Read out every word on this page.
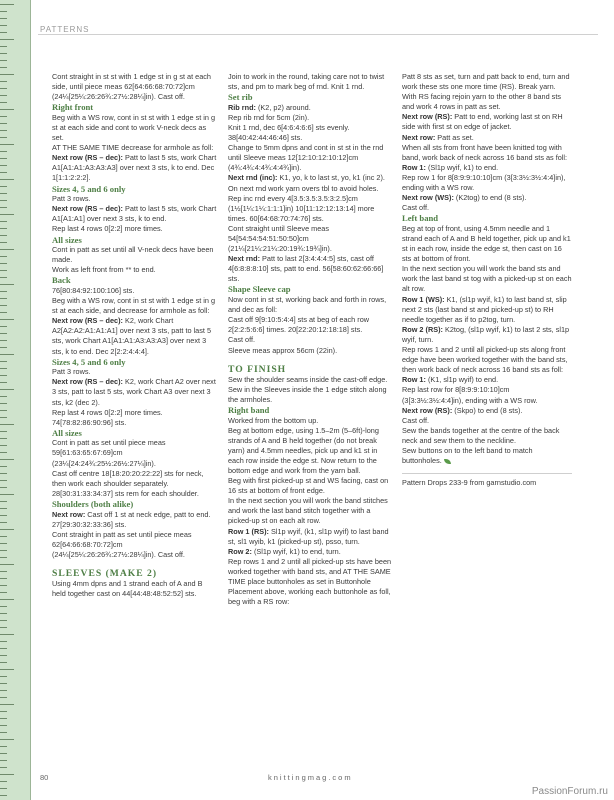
PATTERNS

Cont straight in st st with 1 edge st in g st at each side, until piece meas 62[64:66:68:70:72]cm (24¼[25¼:26:26¾:27½:28¼]in). Cast off.

Right front

Beg with a WS row, cont in st st with 1 edge st in g st at each side and cont to work V-neck decs as set.

AT THE SAME TIME decrease for armhole as foll:

Next row (RS – dec): Patt to last 5 sts, work Chart A1[A1:A1:A3:A3:A3] over next 3 sts, k to end. Dec 1[1:1:2:2:2].

Sizes 4, 5 and 6 only

Patt 3 rows.

Next row (RS – dec): Patt to last 5 sts, work Chart A1[A1:A1] over next 3 sts, k to end.

Rep last 4 rows 0[2:2] more times.

All sizes

Cont in patt as set until all V-neck decs have been made.

Work as left front from ** to end.

Back

76[80:84:92:100:106] sts.

Beg with a WS row, cont in st st with 1 edge st in g st at each side, and decrease for armhole as foll:

Next row (RS – dec): K2, work Chart A2[A2:A2:A1:A1:A1] over next 3 sts, patt to last 5 sts, work Chart A1[A1:A1:A3:A3:A3] over next 3 sts, k to end. Dec 2[2:2:4:4:4].

Sizes 4, 5 and 6 only

Patt 3 rows.

Next row (RS – dec): K2, work Chart A2 over next 3 sts, patt to last 5 sts, work Chart A3 over next 3 sts, k2 (dec 2).

Rep last 4 rows 0[2:2] more times.

74[78:82:86:90:96] sts.

All sizes

Cont in patt as set until piece meas 59[61:63:65:67:69]cm (23¼[24:24¾:25½:26½:27¼]in).

Cast off centre 18[18:20:20:22:22] sts for neck, then work each shoulder separately. 28[30:31:33:34:37] sts rem for each shoulder.

Shoulders (both alike)

Next row: Cast off 1 st at neck edge, patt to end. 27[29:30:32:33:36] sts.

Cont straight in patt as set until piece meas 62[64:66:68:70:72]cm (24¼[25¼:26:26¾:27½:28¼]in). Cast off.

SLEEVES (MAKE 2)

Using 4mm dpns and 1 strand each of A and B held together cast on 44[44:48:48:52:52] sts.

Join to work in the round, taking care not to twist sts, and pm to mark beg of rnd. Knit 1 rnd.

Set rib

Rib rnd: (K2, p2) around.

Rep rib rnd for 5cm (2in).

Knit 1 rnd, dec 6[4:6:4:6:6] sts evenly. 38[40:42:44:46:46] sts.

Change to 5mm dpns and cont in st st in the rnd until Sleeve meas 12[12:10:12:10:12]cm (4¾:4¾:4:4¾:4:4¾]in).

Next rnd (inc): K1, yo, k to last st, yo, k1 (inc 2). On next rnd work yarn overs tbl to avoid holes.

Rep inc rnd every 4[3.5:3.5:3.5:3:2.5]cm (1½[1¼:1¼:1:1:1]in) 10[11:12:12:13:14] more times. 60[64:68:70:74:76] sts.

Cont straight until Sleeve meas 54[54:54:54:51:50:50]cm (21¼[21¼:21¼:20:19¾:19¾]in).

Next rnd: Patt to last 2[3:4:4:4:5] sts, cast off 4[6:8:8:8:10] sts, patt to end. 56[58:60:62:66:66] sts.

Shape Sleeve cap

Now cont in st st, working back and forth in rows, and dec as foll:

Cast off 9[9:10:5:4:4] sts at beg of each row 2[2:2:5:6:6] times. 20[22:20:12:18:18] sts.

Cast off.

Sleeve meas approx 56cm (22in).

TO FINISH

Sew the shoulder seams inside the cast-off edge.

Sew in the Sleeves inside the 1 edge stitch along the armholes.

Right band

Worked from the bottom up.

Beg at bottom edge, using 1.5–2m (5–6ft)-long strands of A and B held together (do not break yarn) and 4.5mm needles, pick up and k1 st in each row inside the edge st. Now return to the bottom edge and work from the yarn ball.

Beg with first picked-up st and WS facing, cast on 16 sts at bottom of front edge.

In the next section you will work the band stitches and work the last band stitch together with a picked-up st on each alt row.

Row 1 (RS): Sl1p wyif, (k1, sl1p wyif) to last band st, sl1 wyib, k1 (picked-up st), psso, turn.

Row 2: (Sl1p wyif, k1) to end, turn.

Rep rows 1 and 2 until all picked-up sts have been worked together with band sts, and AT THE SAME TIME place buttonholes as set in Buttonhole Placement above, working each buttonhole as foll, beg with a RS row:

Patt 8 sts as set, turn and patt back to end, turn and work these sts one more time (RS). Break yarn.

With RS facing rejoin yarn to the other 8 band sts and work 4 rows in patt as set.

Next row (RS): Patt to end, working last st on RH side with first st on edge of jacket.

Next row: Patt as set.

When all sts from front have been knitted tog with band, work back of neck across 16 band sts as foll:

Row 1: (Sl1p wyif, k1) to end.

Rep row 1 for 8[8:9:9:10:10]cm (3[3:3½:3½:4:4]in), ending with a WS row.

Next row (WS): (K2tog) to end (8 sts).

Cast off.

Left band

Beg at top of front, using 4.5mm needle and 1 strand each of A and B held together, pick up and k1 st in each row, inside the edge st, then cast on 16 sts at bottom of front.

In the next section you will work the band sts and work the last band st tog with a picked-up st on each alt row.

Row 1 (WS): K1, (sl1p wyif, k1) to last band st, slip next 2 sts (last band st and picked-up st) to RH needle together as if to p2tog, turn.

Row 2 (RS): K2tog, (sl1p wyif, k1) to last 2 sts, sl1p wyif, turn.

Rep rows 1 and 2 until all picked-up sts along front edge have been worked together with the band sts, then work back of neck across 16 band sts as foll:

Row 1: (K1, sl1p wyif) to end.

Rep last row for 8[8:9:9:10:10]cm (3[3:3½:3½:4:4]in), ending with a WS row.

Next row (RS): (Skpo) to end (8 sts).

Cast off.

Sew the bands together at the centre of the back neck and sew them to the neckline.

Sew buttons on to the left band to match buttonholes.

Pattern Drops 233-9 from garnstudio.com

80	knittingmag.com
PassionForum.ru
